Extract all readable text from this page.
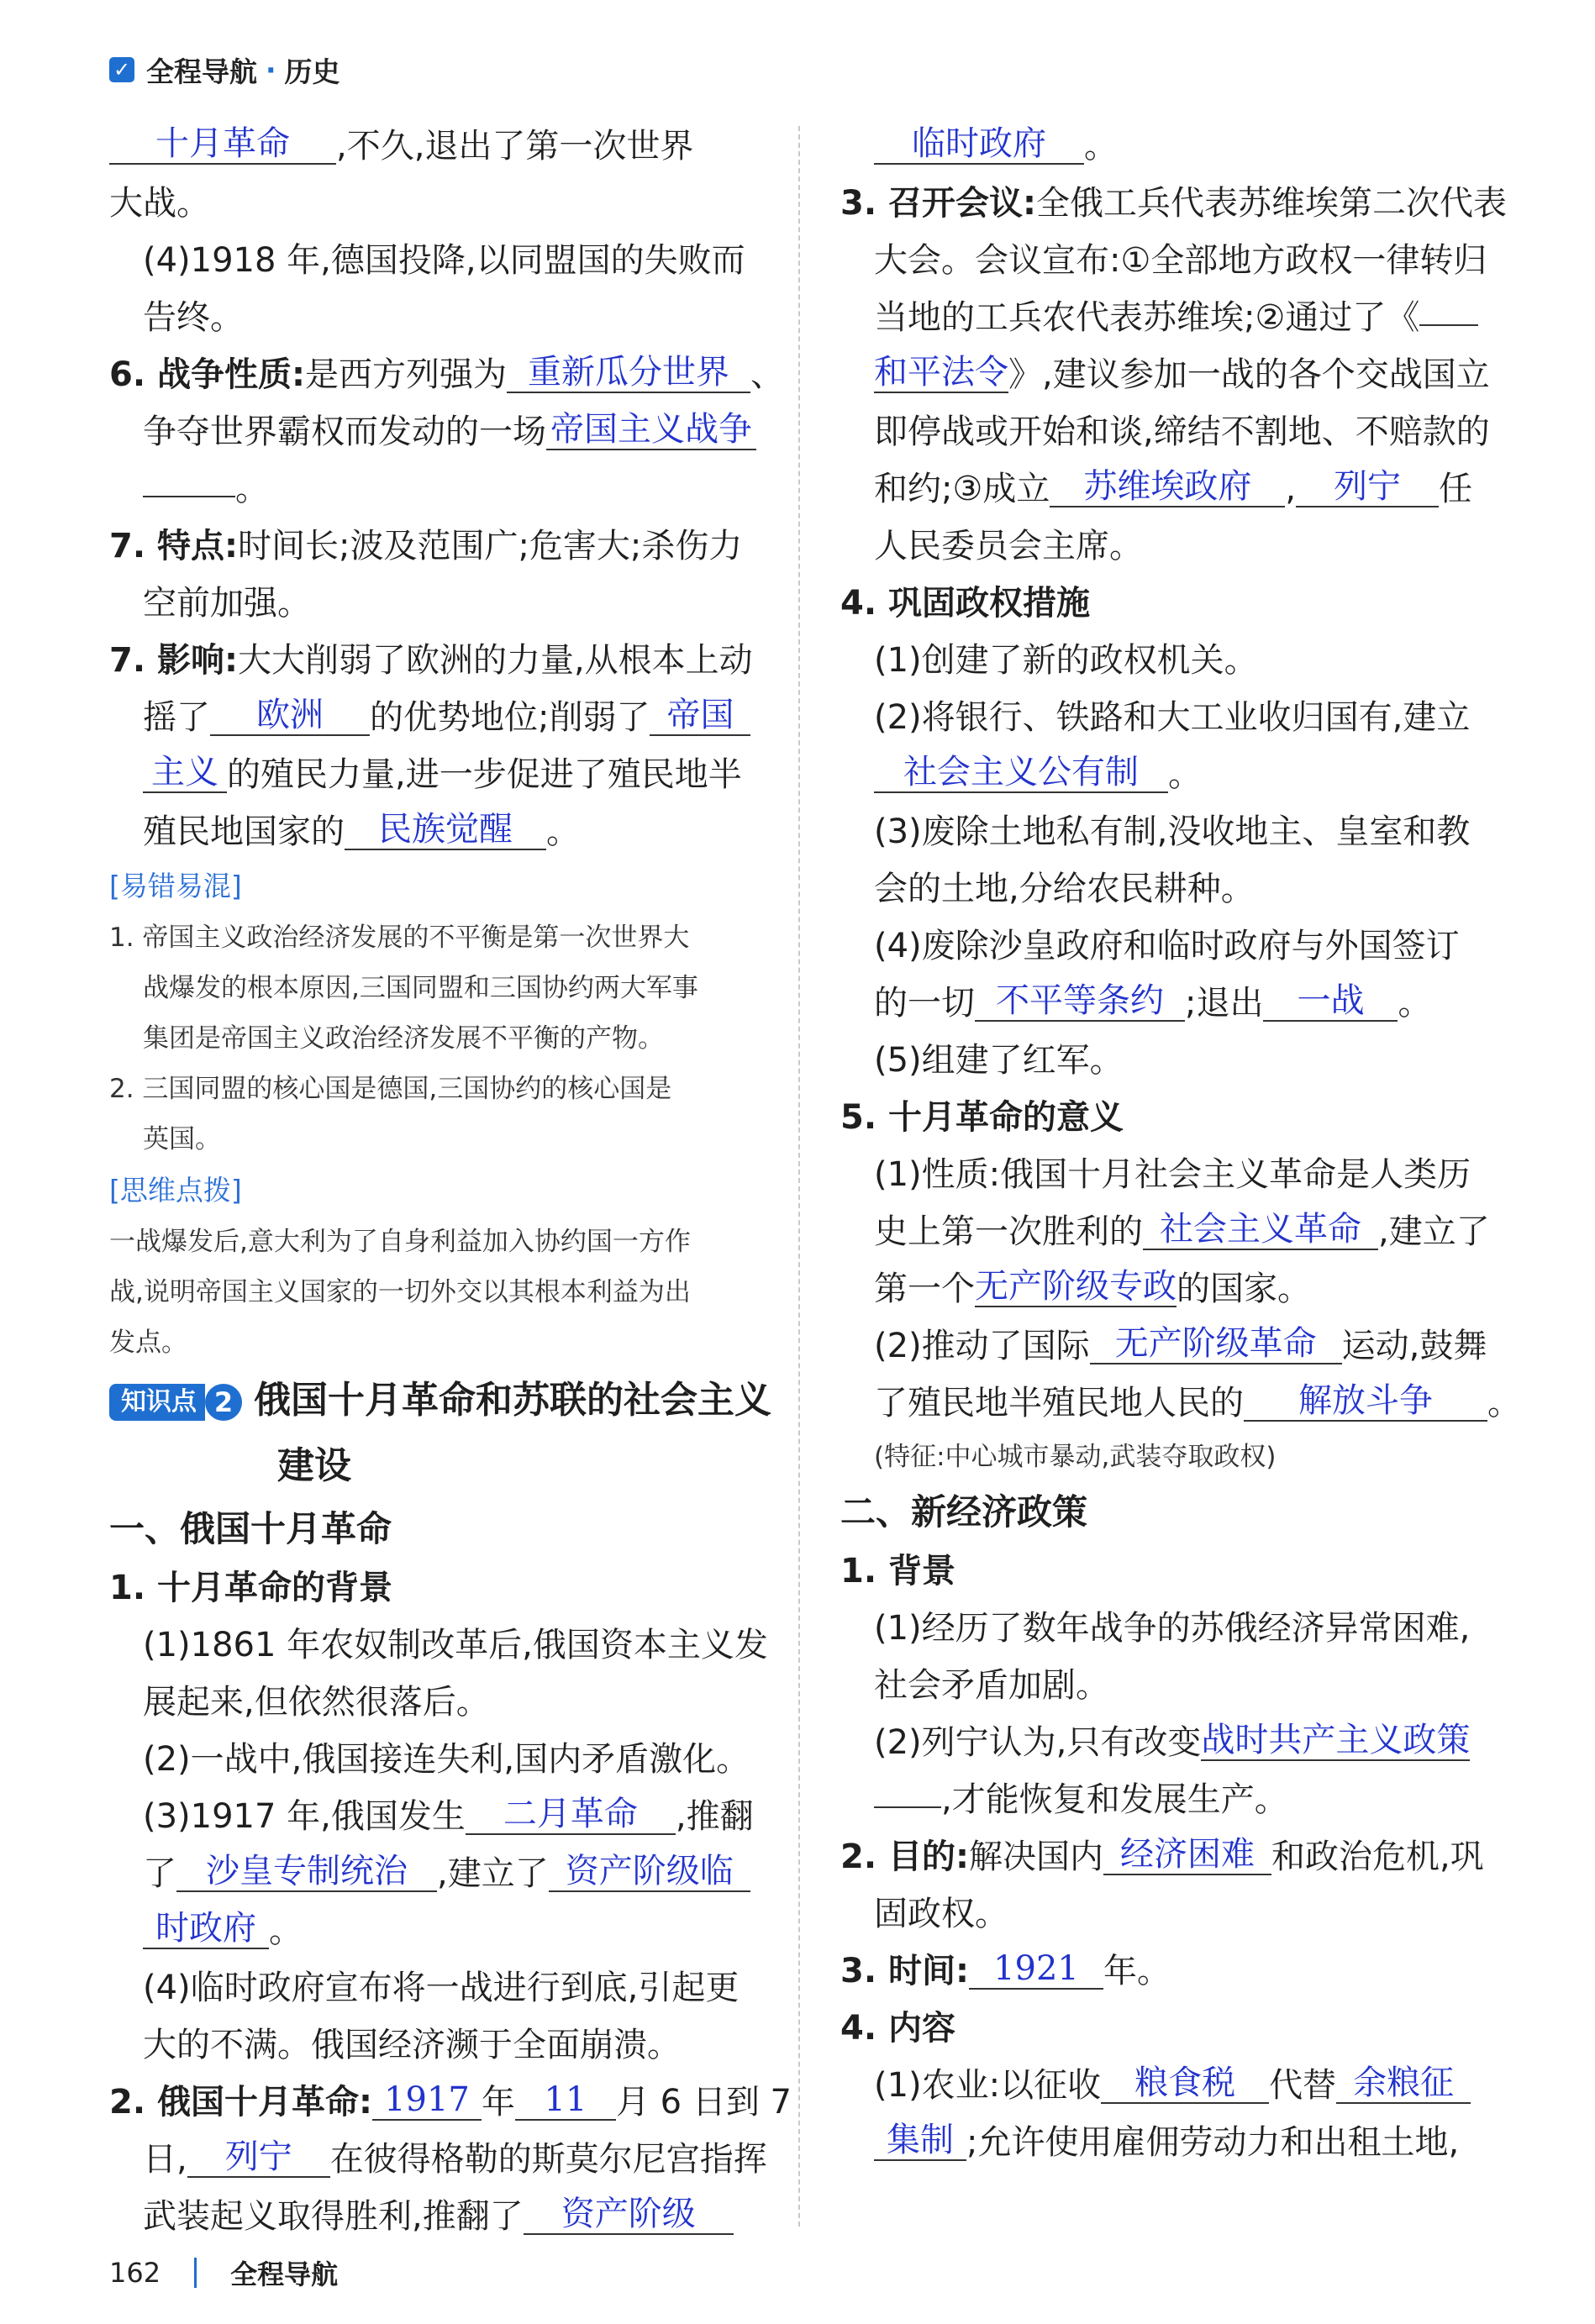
✓ 全程导航 · 历史
十月革命 ,不久,退出了第一次世界
大战。
(4)1918 年,德国投降,以同盟国的失败而
告终。
6. 战争性质:是西方列强为 重新瓜分世界 、
争夺世界霸权而发动的一场 帝国主义战争
。
7. 特点:时间长;波及范围广;危害大;杀伤力
空前加强。
7. 影响:大大削弱了欧洲的力量,从根本上动
摇了 欧洲 的优势地位;削弱了 帝国
主义 的殖民力量,进一步促进了殖民地半
殖民地国家的 民族觉醒 。
[易错易混]
1. 帝国主义政治经济发展的不平衡是第一次世界大
战爆发的根本原因,三国同盟和三国协约两大军事
集团是帝国主义政治经济发展不平衡的产物。
2. 三国同盟的核心国是德国,三国协约的核心国是
英国。
[思维点拨]
一战爆发后,意大利为了自身利益加入协约国一方作
战,说明帝国主义国家的一切外交以其根本利益为出
发点。
知识点 2 俄国十月革命和苏联的社会主义
建设
一、俄国十月革命
1. 十月革命的背景
(1)1861 年农奴制改革后,俄国资本主义发
展起来,但依然很落后。
(2)一战中,俄国接连失利,国内矛盾激化。
(3)1917 年,俄国发生 二月革命 ,推翻
了 沙皇专制统治 ,建立了 资产阶级临
时政府 。
(4)临时政府宣布将一战进行到底,引起更
大的不满。俄国经济濒于全面崩溃。
2. 俄国十月革命: 1917 年 11 月 6 日到 7
日, 列宁 在彼得格勒的斯莫尔尼宫指挥
武装起义取得胜利,推翻了 资产阶级
临时政府 。
3. 召开会议:全俄工兵代表苏维埃第二次代表
大会。会议宣布:①全部地方政权一律转归
当地的工兵农代表苏维埃;②通过了《
和平法令》,建议参加一战的各个交战国立
即停战或开始和谈,缔结不割地、不赔款的
和约;③成立 苏维埃政府 , 列宁 任
人民委员会主席。
4. 巩固政权措施
(1)创建了新的政权机关。
(2)将银行、铁路和大工业收归国有,建立
社会主义公有制 。
(3)废除土地私有制,没收地主、皇室和教
会的土地,分给农民耕种。
(4)废除沙皇政府和临时政府与外国签订
的一切 不平等条约 ;退出 一战 。
(5)组建了红军。
5. 十月革命的意义
(1)性质:俄国十月社会主义革命是人类历
史上第一次胜利的 社会主义革命 ,建立了
第一个无产阶级专政的国家。
(2)推动了国际 无产阶级革命 运动,鼓舞
了殖民地半殖民地人民的 解放斗争 。
(特征:中心城市暴动,武装夺取政权)
二、新经济政策
1. 背景
(1)经历了数年战争的苏俄经济异常困难,
社会矛盾加剧。
(2)列宁认为,只有改变战时共产主义政策
,才能恢复和发展生产。
2. 目的:解决国内 经济困难 和政治危机,巩
固政权。
3. 时间: 1921 年。
4. 内容
(1)农业:以征收 粮食税 代替 余粮征
集制 ;允许使用雇佣劳动力和出租土地,
162	全程导航
